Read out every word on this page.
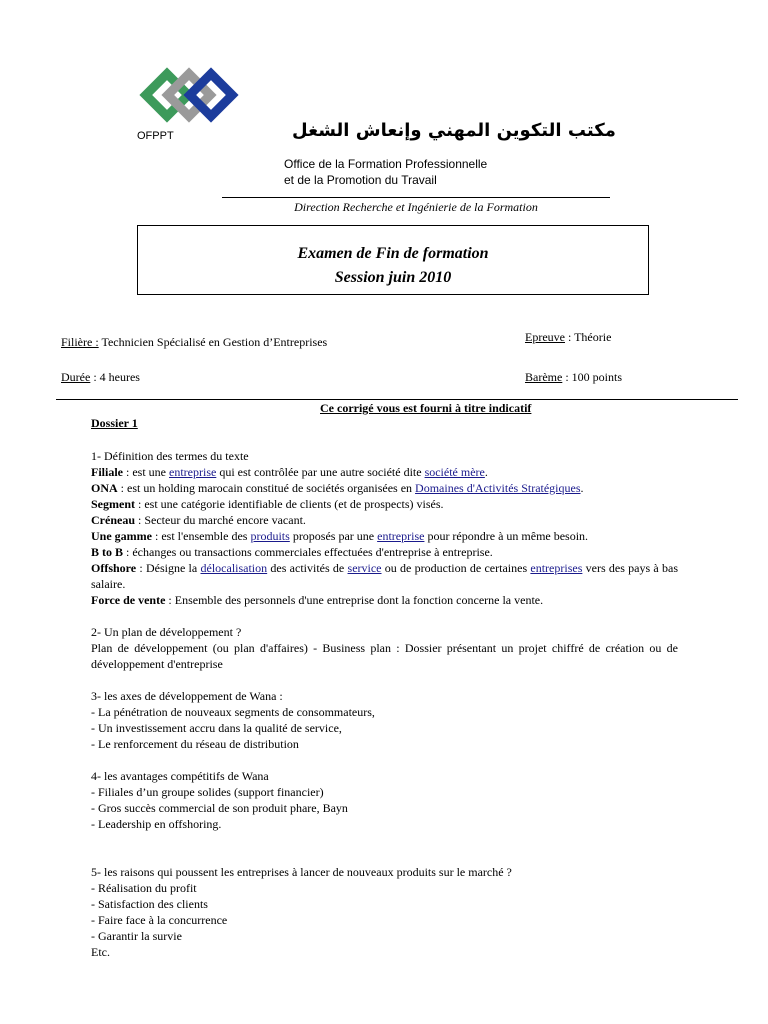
OFPPT	مكتب التكوين المهني وإنعاش الشغل
Office de la Formation Professionnelle
et de la Promotion du Travail
Direction Recherche et Ingénierie de la Formation
Examen de Fin de formation
Session juin 2010
Filière : Technicien Spécialisé en Gestion d’Entreprises	Epreuve : Théorie
Durée : 4 heures	Barème : 100 points
Ce corrigé vous est fourni à titre indicatif
Dossier 1

1- Définition des termes du texte

Filiale : est une entreprise qui est contrôlée par une autre société dite société mère.

ONA : est un holding marocain constitué de sociétés organisées en Domaines d'Activités Stratégiques.

Segment : est une catégorie identifiable de clients (et de prospects) visés.

Créneau : Secteur du marché encore vacant.

Une gamme : est l'ensemble des produits proposés par une entreprise pour répondre à un même besoin.

B to B : échanges ou transactions commerciales effectuées d'entreprise à entreprise.

Offshore : Désigne la délocalisation des activités de service ou de production de certaines entreprises vers des pays à bas salaire.

Force de vente : Ensemble des personnels d'une entreprise dont la fonction concerne la vente.

2- Un plan de développement ?

Plan de développement (ou plan d'affaires) - Business plan : Dossier présentant un projet chiffré de création ou de développement d'entreprise

3- les axes de développement de Wana :

- La pénétration de nouveaux segments de consommateurs,

- Un investissement accru dans la qualité de service,

- Le renforcement du réseau de distribution

4- les avantages compétitifs de Wana

- Filiales d’un groupe solides (support financier)

- Gros succès commercial de son produit phare, Bayn

- Leadership en offshoring.

5- les raisons qui poussent les entreprises à lancer de nouveaux produits sur le marché ?

- Réalisation du profit

- Satisfaction des clients

- Faire face à la concurrence

- Garantir la survie

Etc.
